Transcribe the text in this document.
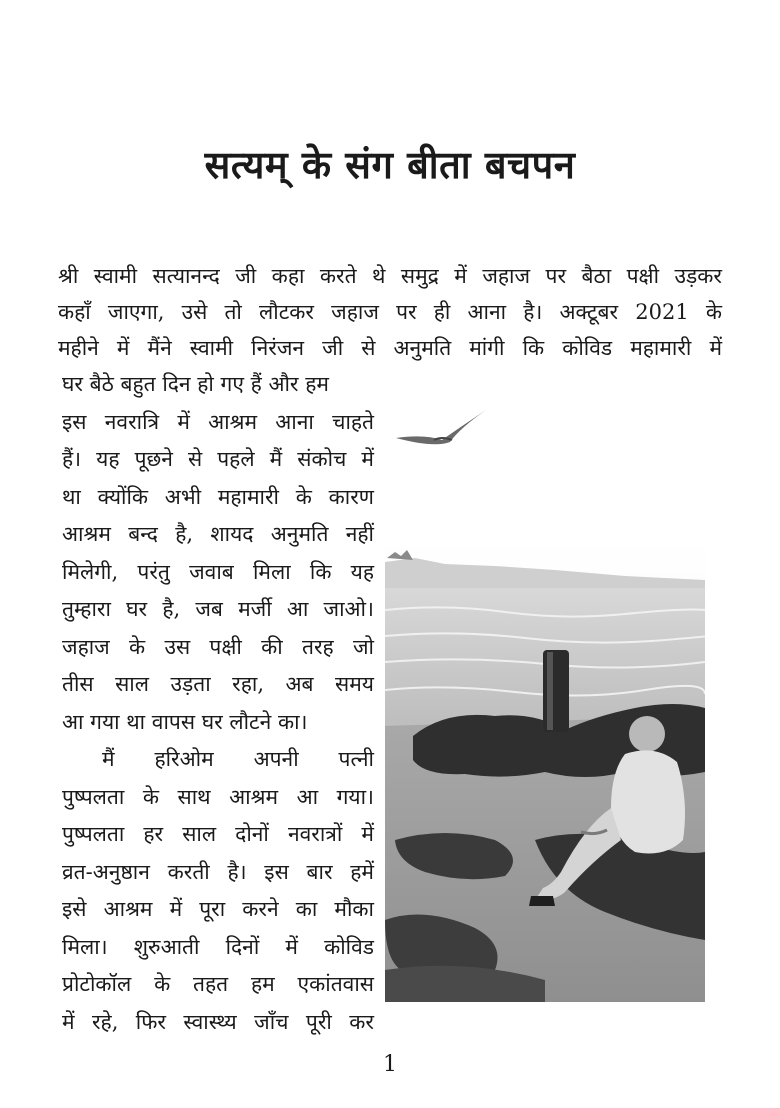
सत्यम् के संग बीता बचपन
श्री स्वामी सत्यानन्द जी कहा करते थे समुद्र में जहाज पर बैठा पक्षी उड़कर
कहाँ जाएगा, उसे तो लौटकर जहाज पर ही आना है। अक्टूबर 2021 के
महीने में मैंने स्वामी निरंजन जी से अनुमति मांगी कि कोविड महामारी में
घर बैठे बहुत दिन हो गए हैं और हम
इस नवरात्रि में आश्रम आना चाहते
हैं। यह पूछने से पहले मैं संकोच में
था क्योंकि अभी महामारी के कारण
आश्रम बन्द है, शायद अनुमति नहीं
मिलेगी, परंतु जवाब मिला कि यह
तुम्हारा घर है, जब मर्जी आ जाओ।
जहाज के उस पक्षी की तरह जो
तीस साल उड़ता रहा, अब समय
आ गया था वापस घर लौटने का।
मैं हरिओम अपनी पत्नी
पुष्पलता के साथ आश्रम आ गया।
पुष्पलता हर साल दोनों नवरात्रों में
व्रत-अनुष्ठान करती है। इस बार हमें
इसे आश्रम में पूरा करने का मौका
मिला। शुरुआती दिनों में कोविड
प्रोटोकॉल के तहत हम एकांतवास
में रहे, फिर स्वास्थ्य जाँच पूरी कर
1
